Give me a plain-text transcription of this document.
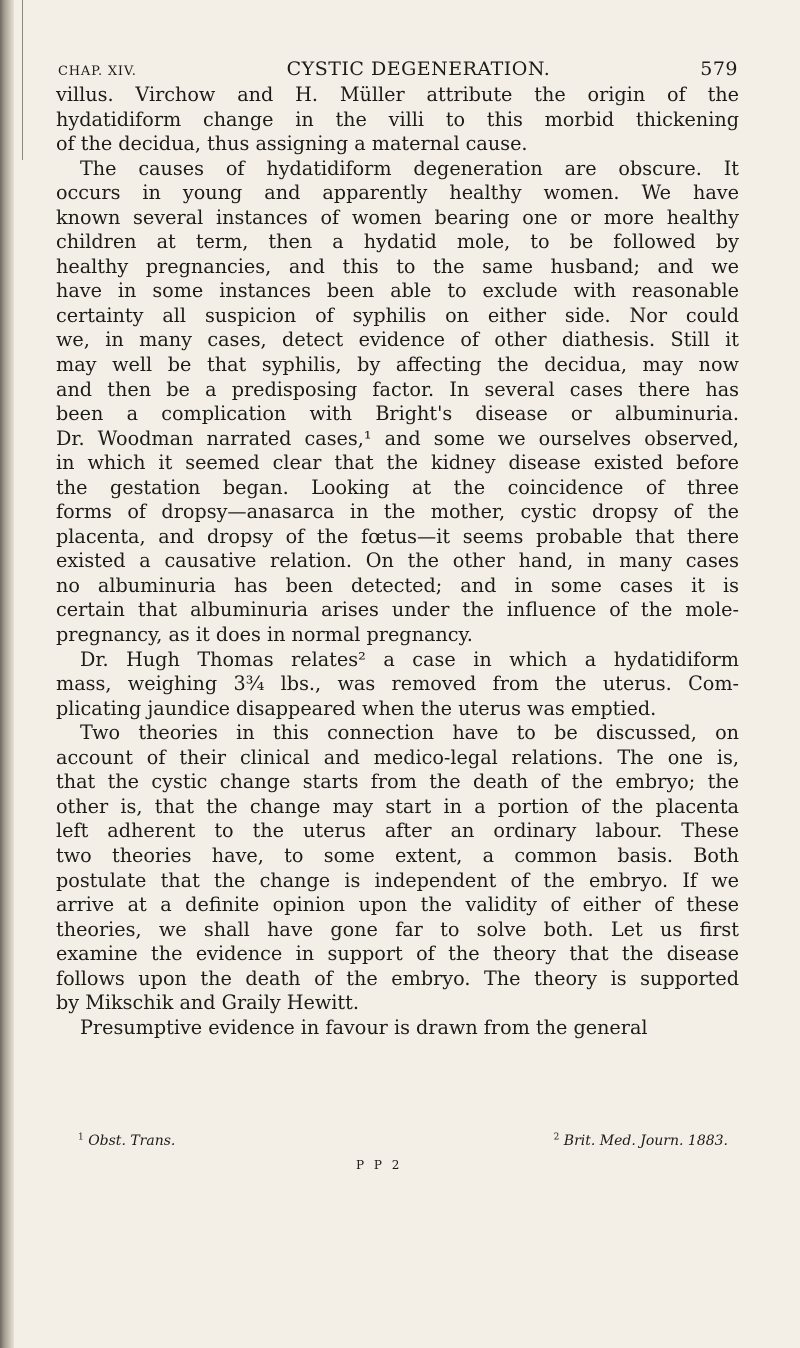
CHAP. XIV.	CYSTIC DEGENERATION.	579

villus. Virchow and H. Müller attribute the origin of the

hydatidiform change in the villi to this morbid thickening

of the decidua, thus assigning a maternal cause.

The causes of hydatidiform degeneration are obscure. It

occurs in young and apparently healthy women. We have

known several instances of women bearing one or more healthy

children at term, then a hydatid mole, to be followed by

healthy pregnancies, and this to the same husband; and we

have in some instances been able to exclude with reasonable

certainty all suspicion of syphilis on either side. Nor could

we, in many cases, detect evidence of other diathesis. Still it

may well be that syphilis, by affecting the decidua, may now

and then be a predisposing factor. In several cases there has

been a complication with Bright's disease or albuminuria.

Dr. Woodman narrated cases,¹ and some we ourselves observed,

in which it seemed clear that the kidney disease existed before

the gestation began. Looking at the coincidence of three

forms of dropsy—anasarca in the mother, cystic dropsy of the

placenta, and dropsy of the fœtus—it seems probable that there

existed a causative relation. On the other hand, in many cases

no albuminuria has been detected; and in some cases it is

certain that albuminuria arises under the influence of the mole-

pregnancy, as it does in normal pregnancy.

Dr. Hugh Thomas relates² a case in which a hydatidiform

mass, weighing 3¾ lbs., was removed from the uterus. Com-

plicating jaundice disappeared when the uterus was emptied.

Two theories in this connection have to be discussed, on

account of their clinical and medico-legal relations. The one is,

that the cystic change starts from the death of the embryo; the

other is, that the change may start in a portion of the placenta

left adherent to the uterus after an ordinary labour. These

two theories have, to some extent, a common basis. Both

postulate that the change is independent of the embryo. If we

arrive at a definite opinion upon the validity of either of these

theories, we shall have gone far to solve both. Let us first

examine the evidence in support of the theory that the disease

follows upon the death of the embryo. The theory is supported

by Mikschik and Graily Hewitt.

Presumptive evidence in favour is drawn from the general

$^1$ Obst. Trans.	$^2$ Brit. Med. Journ. 1883.
P P 2
